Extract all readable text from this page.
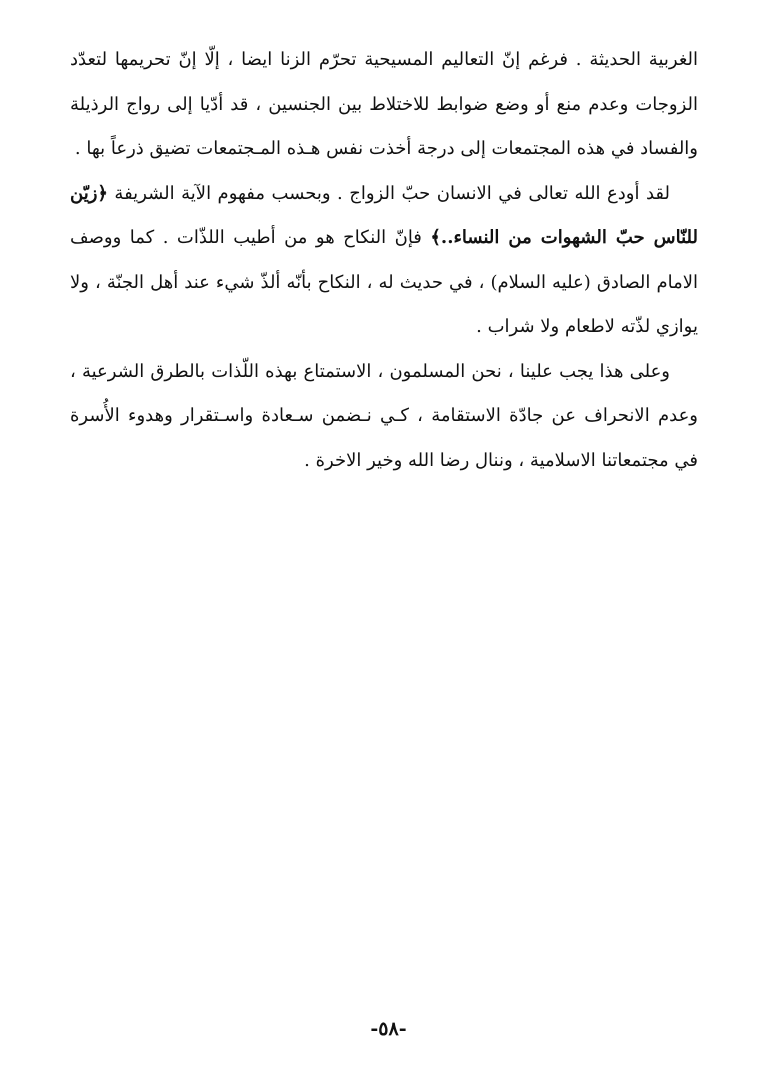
الغربية الحديثة . فرغم إنّ التعاليم المسيحية تحرّم الزنا ايضا ، إلّا إنّ تحريمها لتعدّد الزوجات وعدم منع أو وضع ضوابط للاختلاط بين الجنسين ، قد أدّيا إلى رواج الرذيلة والفساد في هذه المجتمعات إلى درجة أخذت نفس هـذه المـجتمعات تضيق ذرعاً بها .

لقد أودع الله تعالى في الانسان حبّ الزواج . وبحسب مفهوم الآية الشريفة ﴿زيّن للنّاس حبّ الشهوات من النساء..﴾ فإنّ النكاح هو من أطيب اللذّات . كما ووصف الامام الصادق (عليه السلام) ، في حديث له ، النكاح بأنّه ألذّ شيء عند أهل الجنّة ، ولا يوازي لذّته لاطعام ولا شراب .

وعلى هذا يجب علينا ، نحن المسلمون ، الاستمتاع بهذه اللّذات بالطرق الشرعية ، وعدم الانحراف عن جادّة الاستقامة ، كـي نـضمن سـعادة واسـتقرار وهدوء الأُسرة في مجتمعاتنا الاسلامية ، وننال رضا الله وخير الاخرة .

-٥٨-
